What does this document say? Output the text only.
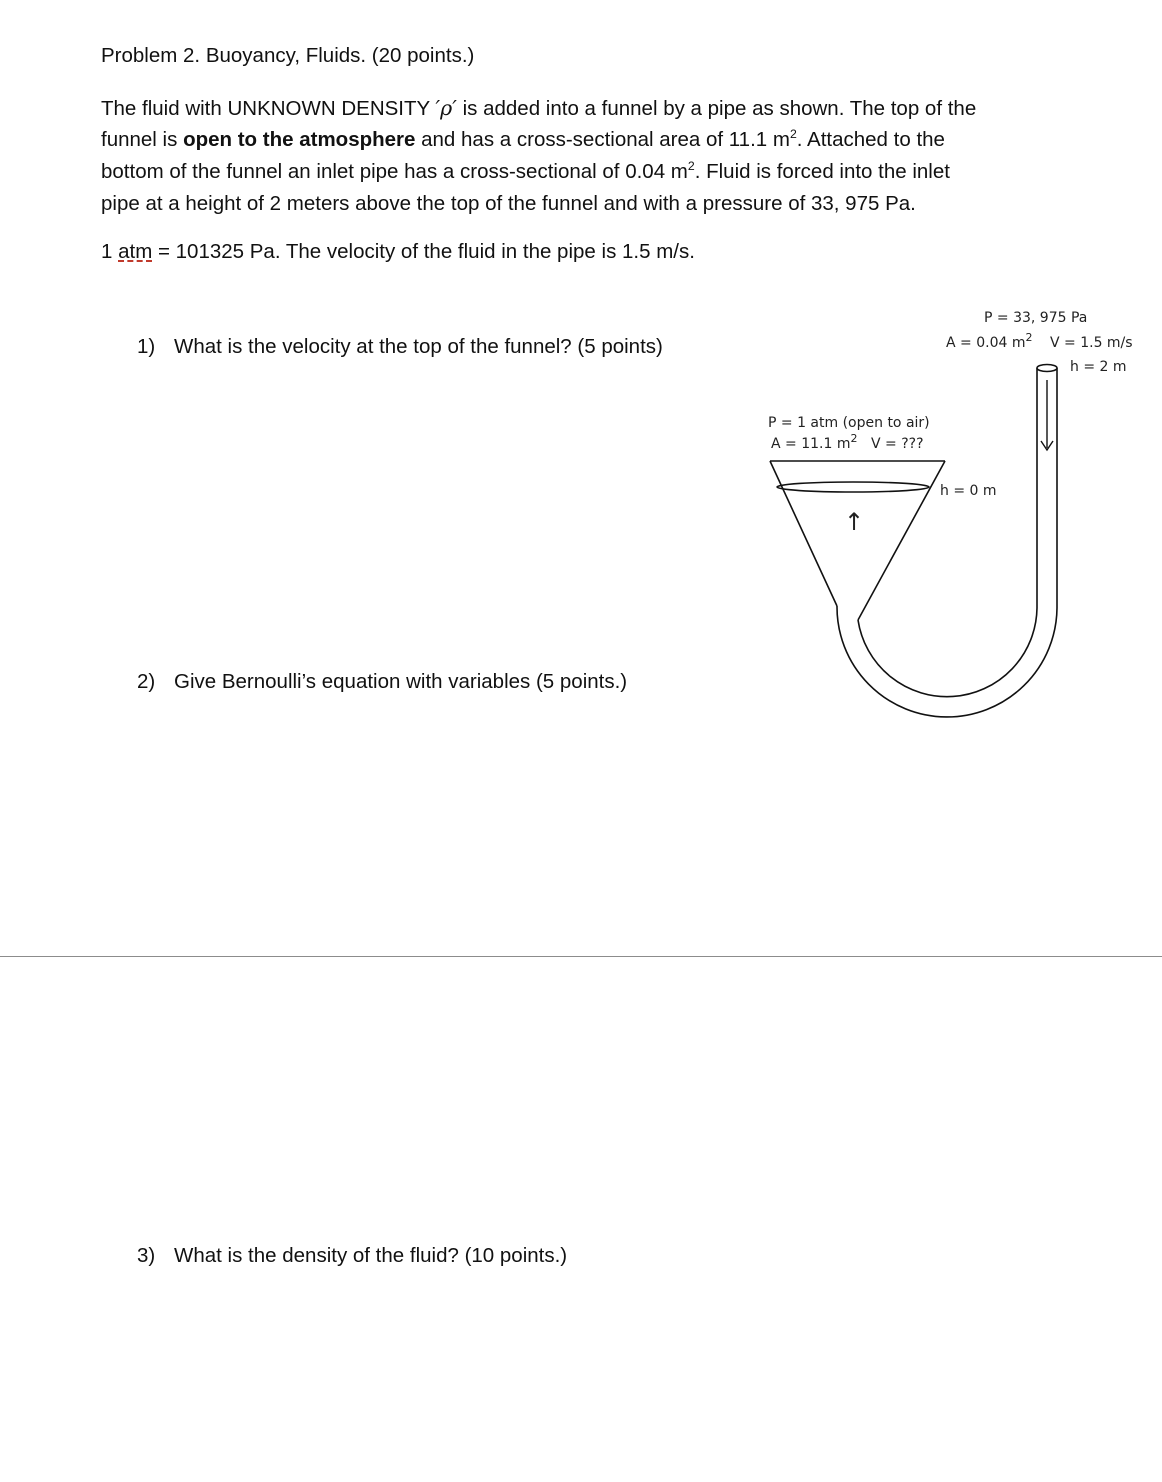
Problem 2. Buoyancy, Fluids. (20 points.)
The fluid with UNKNOWN DENSITY ′ρ′ is added into a funnel by a pipe as shown. The top of the
funnel is open to the atmosphere and has a cross-sectional area of 11.1 $m^2$. Attached to the
bottom of the funnel an inlet pipe has a cross-sectional of 0.04 $m^2$. Fluid is forced into the inlet
pipe at a height of 2 meters above the top of the funnel and with a pressure of 33, 975 Pa.
1 atm = 101325 Pa. The velocity of the fluid in the pipe is 1.5 m/s.
1) What is the velocity at the top of the funnel? (5 points)
2) Give Bernoulli’s equation with variables (5 points.)
3) What is the density of the fluid? (10 points.)
↑
P = 33, 975 Pa
A = 0.04 $m^2$ V = 1.5 m/s
h = 2 m
P = 1 atm (open to air)
A = 11.1 $m^2$ V = ???
h = 0 m
